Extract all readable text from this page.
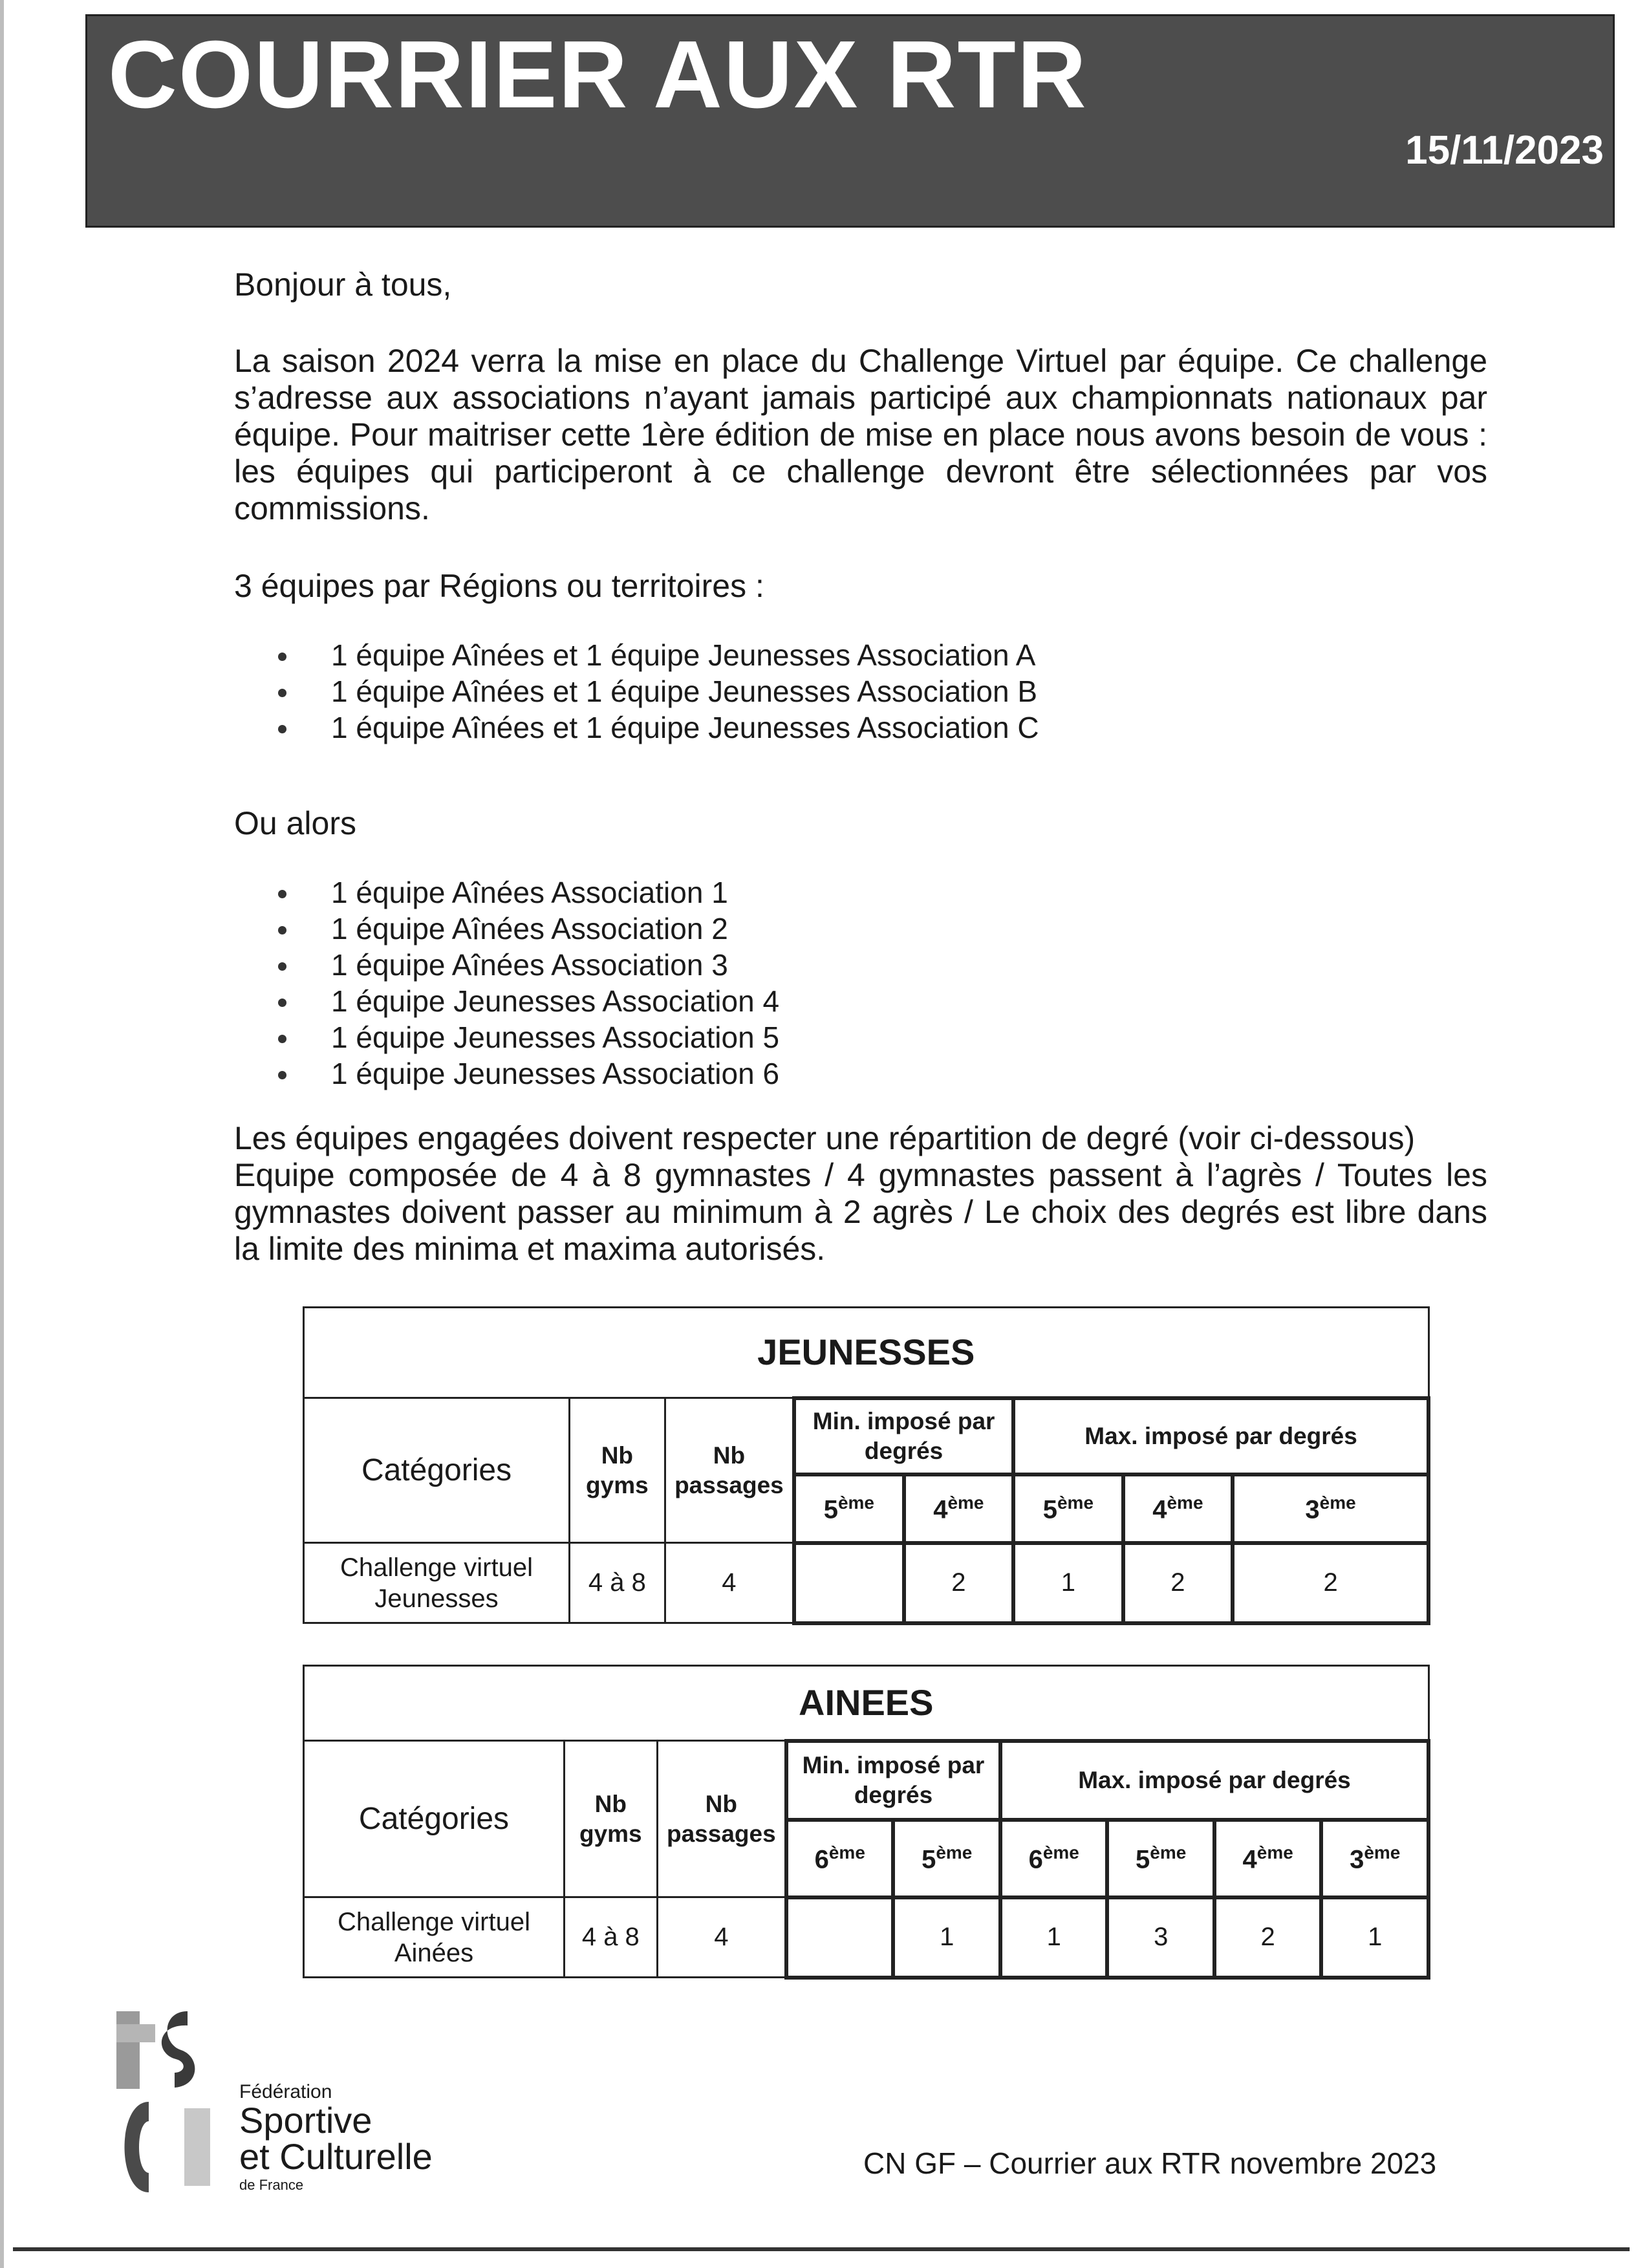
COURRIER AUX RTR
15/11/2023

Bonjour à tous,

La saison 2024 verra la mise en place du Challenge Virtuel par équipe. Ce challenge s’adresse aux associations n’ayant jamais participé aux championnats nationaux par équipe. Pour maitriser cette 1ère édition de mise en place nous avons besoin de vous : les équipes qui participeront à ce challenge devront être sélectionnées par vos commissions.

3 équipes par Régions ou territoires :

1 équipe Aînées et 1 équipe Jeunesses Association A
1 équipe Aînées et 1 équipe Jeunesses Association B
1 équipe Aînées et 1 équipe Jeunesses Association C

Ou alors

1 équipe Aînées Association 1
1 équipe Aînées Association 2
1 équipe Aînées Association 3
1 équipe Jeunesses Association 4
1 équipe Jeunesses Association 5
1 équipe Jeunesses Association 6

Les équipes engagées doivent respecter une répartition de degré (voir ci-dessous)

Equipe composée de 4 à 8 gymnastes / 4 gymnastes passent à l’agrès / Toutes les gymnastes doivent passer au minimum à 2 agrès / Le choix des degrés est libre dans la limite des minima et maxima autorisés.

JEUNESSES							
Catégories	Nb gyms	Nb passages	Min. imposé par degrés		Max. imposé par degrés		
			5ème	4ème	5ème	4ème	3ème
Challenge virtuel Jeunesses	4 à 8	4		2	1	2	2
AINEES								
Catégories	Nb gyms	Nb passages	Min. imposé par degrés		Max. imposé par degrés			
			6ème	5ème	6ème	5ème	4ème	3ème
Challenge virtuel Ainées	4 à 8	4		1	1	3	2	1
Fédération
Sportive
et Culturelle
de France
CN GF – Courrier aux RTR novembre 2023
